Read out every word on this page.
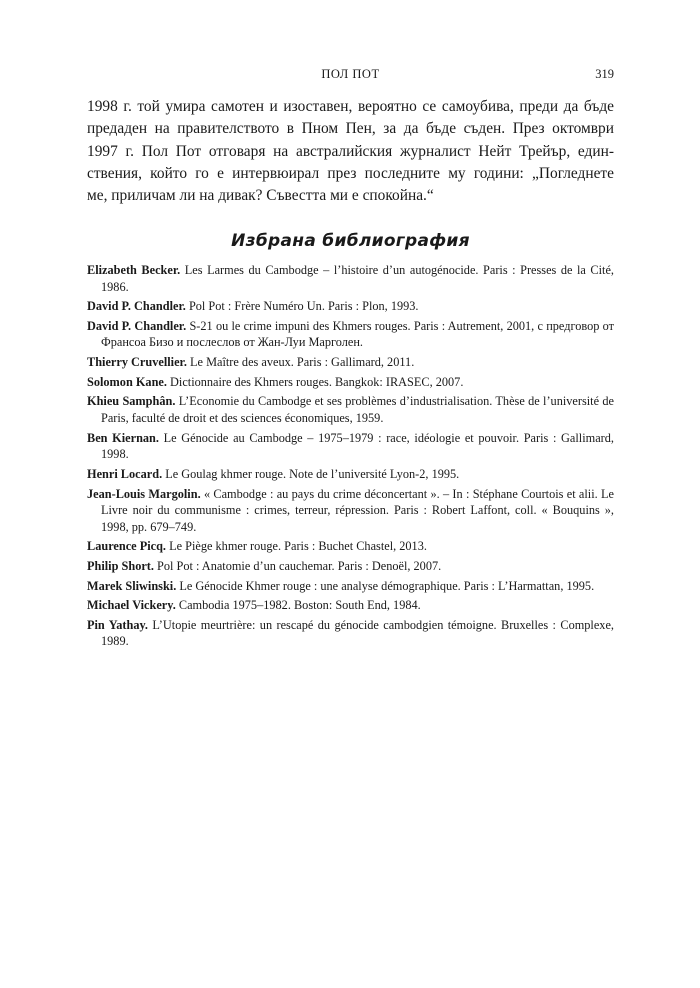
ПОЛ ПОТ	319

1998 г. той умира самотен и изоставен, вероятно се самоубива, преди да бъде
предаден на правителството в Пном Пен, за да бъде съден. През октомври
1997 г. Пол Пот отговаря на австралийския журналист Нейт Трейър, един-
ствения, който го е интервюирал през последните му години: „Погледнете
ме, приличам ли на дивак? Съвестта ми е спокойна.“

Избрана библиография
Elizabeth Becker. Les Larmes du Cambodge – l’histoire d’un autogénocide. Paris : Presses de la Cité, 1986.
David P. Chandler. Pol Pot : Frère Numéro Un. Paris : Plon, 1993.
David P. Chandler. S-21 ou le crime impuni des Khmers rouges. Paris : Autrement, 2001, с предговор от Франсоа Бизо и послеслов от Жан-Луи Марголен.
Thierry Cruvellier. Le Maître des aveux. Paris : Gallimard, 2011.
Solomon Kane. Dictionnaire des Khmers rouges. Bangkok: IRASEC, 2007.
Khieu Samphân. L’Economie du Cambodge et ses problèmes d’industrialisation. Thèse de l’université de Paris, faculté de droit et des sciences économiques, 1959.
Ben Kiernan. Le Génocide au Cambodge – 1975–1979 : race, idéologie et pouvoir. Paris : Gallimard, 1998.
Henri Locard. Le Goulag khmer rouge. Note de l’université Lyon-2, 1995.
Jean-Louis Margolin. « Cambodge : au pays du crime déconcertant ». – In : Stéphane Courtois et alii. Le Livre noir du communisme : crimes, terreur, répression. Paris : Robert Laffont, coll. « Bouquins », 1998, pp. 679–749.
Laurence Picq. Le Piège khmer rouge. Paris : Buchet Chastel, 2013.
Philip Short. Pol Pot : Anatomie d’un cauchemar. Paris : Denoël, 2007.
Marek Sliwinski. Le Génocide Khmer rouge : une analyse démographique. Paris : L’Harmattan, 1995.
Michael Vickery. Cambodia 1975–1982. Boston: South End, 1984.
Pin Yathay. L’Utopie meurtrière: un rescapé du génocide cambodgien témoigne. Bruxelles : Complexe, 1989.
